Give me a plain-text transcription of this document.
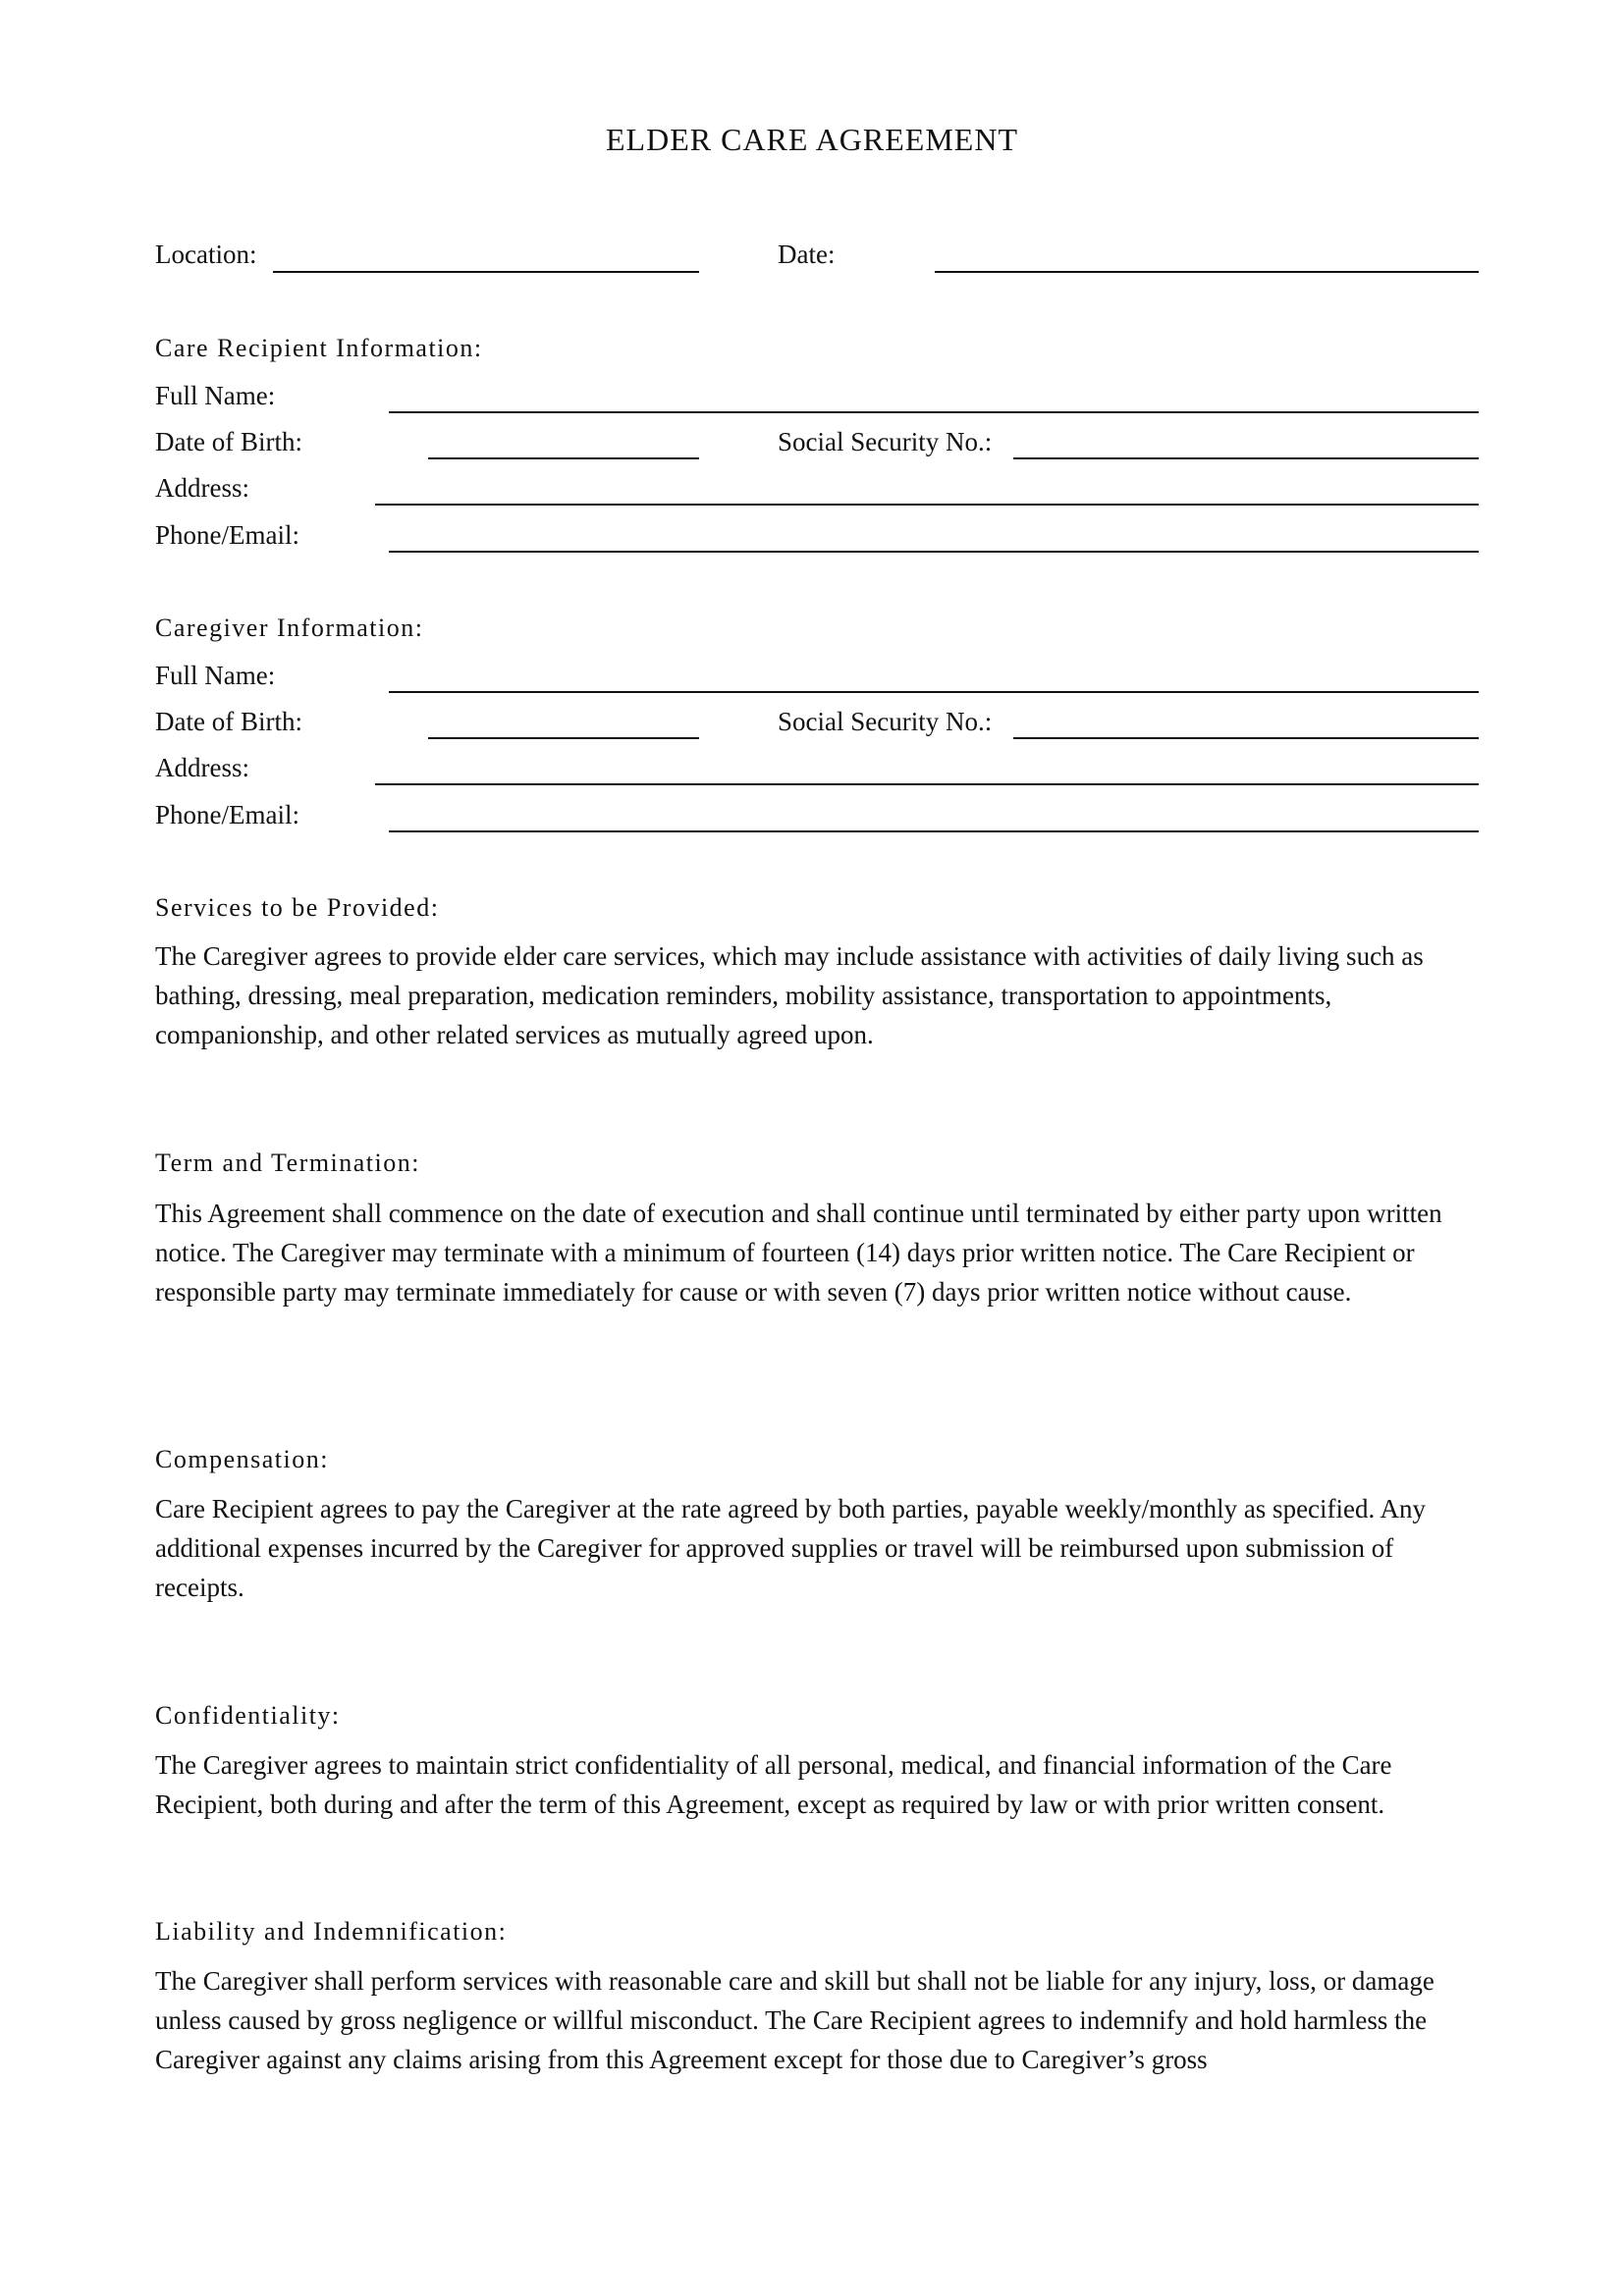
ELDER CARE AGREEMENT
Location:	Date:
Care Recipient Information:
Full Name:
Date of Birth:	Social Security No.:
Address:
Phone/Email:
Caregiver Information:
Full Name:
Date of Birth:	Social Security No.:
Address:
Phone/Email:
Services to be Provided:
The Caregiver agrees to provide elder care services, which may include assistance with activities of daily living such as bathing, dressing, meal preparation, medication reminders, mobility assistance, transportation to appointments, companionship, and other related services as mutually agreed upon.
Term and Termination:
This Agreement shall commence on the date of execution and shall continue until terminated by either party upon written notice. The Caregiver may terminate with a minimum of fourteen (14) days prior written notice. The Care Recipient or responsible party may terminate immediately for cause or with seven (7) days prior written notice without cause.
Compensation:
Care Recipient agrees to pay the Caregiver at the rate agreed by both parties, payable weekly/monthly as specified. Any additional expenses incurred by the Caregiver for approved supplies or travel will be reimbursed upon submission of receipts.
Confidentiality:
The Caregiver agrees to maintain strict confidentiality of all personal, medical, and financial information of the Care Recipient, both during and after the term of this Agreement, except as required by law or with prior written consent.
Liability and Indemnification:
The Caregiver shall perform services with reasonable care and skill but shall not be liable for any injury, loss, or damage unless caused by gross negligence or willful misconduct. The Care Recipient agrees to indemnify and hold harmless the Caregiver against any claims arising from this Agreement except for those due to Caregiver’s gross
